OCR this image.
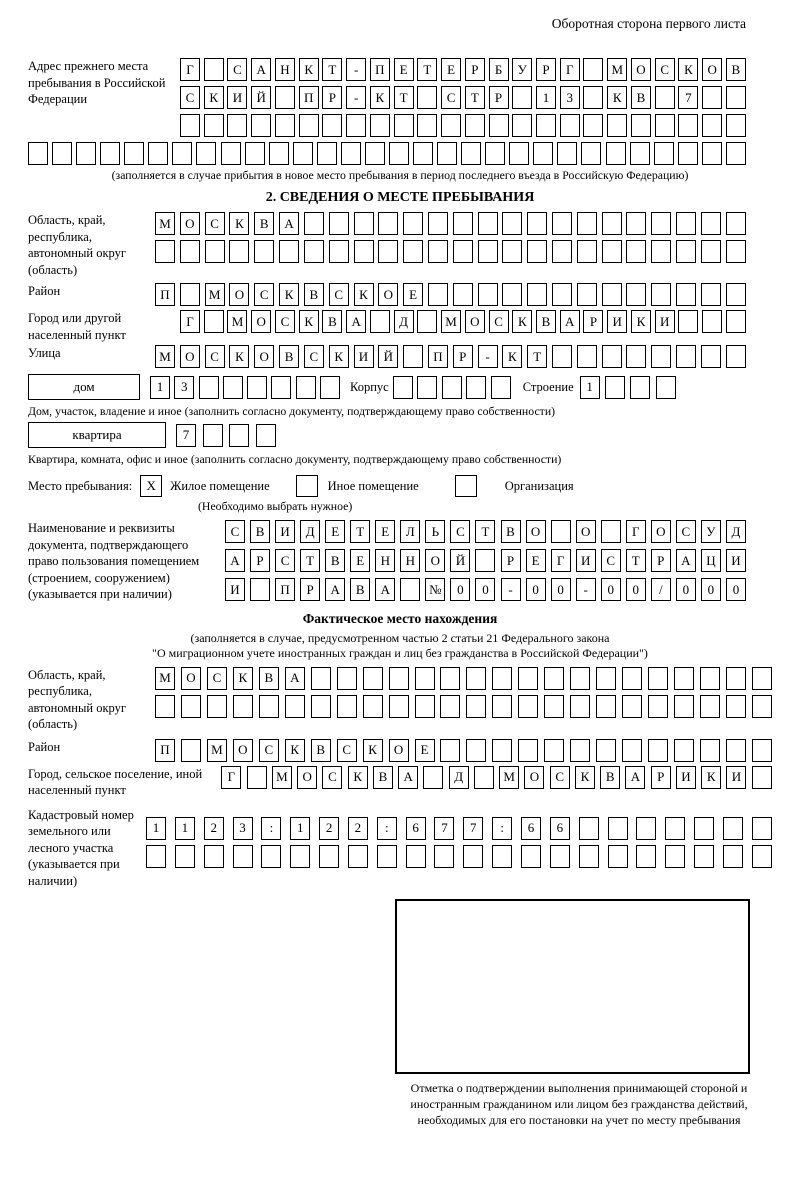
Оборотная сторона первого листа
Адрес прежнего места пребывания в Российской Федерации
Г	С	А	Н	К	Т	-	П	Е	Т	Е	Р	Б	У	Р	Г	М	О	С	К	О	В
С	К	И	Й	П	Р	-	К	Т	С	Т	Р	1	3	К	В	7
(заполняется в случае прибытия в новое место пребывания в период последнего въезда в Российскую Федерацию)
2. СВЕДЕНИЯ О МЕСТЕ ПРЕБЫВАНИЯ
Область, край, республика, автономный округ (область)
М	О	С	К	В	А
Район	П	М	О	С	К	В	С	К	О	Е
Город или другой населенный пункт
Г	М	О	С	К	В	А	Д	М	О	С	К	В	А	Р	И	К	И
Улица	М	О	С	К	О	В	С	К	И	Й	П	Р	-	К	Т
дом	1	3	Корпус	Строение 1
Дом, участок, владение и иное (заполнить согласно документу, подтверждающему право собственности)
квартира	7
Квартира, комната, офис и иное (заполнить согласно документу, подтверждающему право собственности)
Место пребывания:	X	Жилое помещение	Иное помещение	Организация
(Необходимо выбрать нужное)
Наименование и реквизиты документа, подтверждающего право пользования помещением (строением, сооружением) (указывается при наличии)
С	В	И	Д	Е	Т	Е	Л	Ь	С	Т	В	О	О	Г	О	С	У	Д
А	Р	С	Т	В	Е	Н	Н	О	Й	Р	Е	Г	И	С	Т	Р	А	Ц	И
И	П	Р	А	В	А	№	0	0	-	0	0	-	0	0	/	0	0	0
Фактическое место нахождения
(заполняется в случае, предусмотренном частью 2 статьи 21 Федерального закона
"О миграционном учете иностранных граждан и лиц без гражданства в Российской Федерации")
Область, край, республика, автономный округ (область)
М	О	С	К	В	А
Район	П	М	О	С	К	В	С	К	О	Е
Город, сельское поселение, иной населенный пункт
Г	М	О	С	К	В	А	Д	М	О	С	К	В	А	Р	И	К	И
Кадастровый номер земельного или лесного участка (указывается при наличии)
1	1	2	3	:	1	2	2	:	6	7	7	:	6	6
Отметка о подтверждении выполнения принимающей стороной и иностранным гражданином или лицом без гражданства действий, необходимых для его постановки на учет по месту пребывания
